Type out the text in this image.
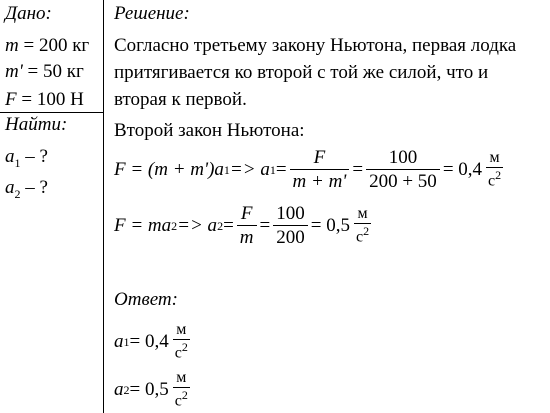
Дано:
m = 200 кг
m' = 50 кг
F = 100 Н
Найти:
$a_1$ – ?
$a_2$ – ?
Решение:
Согласно третьему закону Ньютона, первая лодка
притягивается ко второй с той же силой, что и
вторая к первой.
Второй закон Ньютона:
F = (m + m')a 1 => a $1 = \frac{F}{m + m'} = \frac{100}{200 + 50} = 0,4 \frac{м}{с^2}$
F = ma 2 => a $2 = \frac{F}{m} = \frac{100}{200} = 0,5 \frac{м}{с^2}$
Ответ:
a $1 = 0,4 \frac{м}{с^2}$
a $2 = 0,5 \frac{м}{с^2}$
